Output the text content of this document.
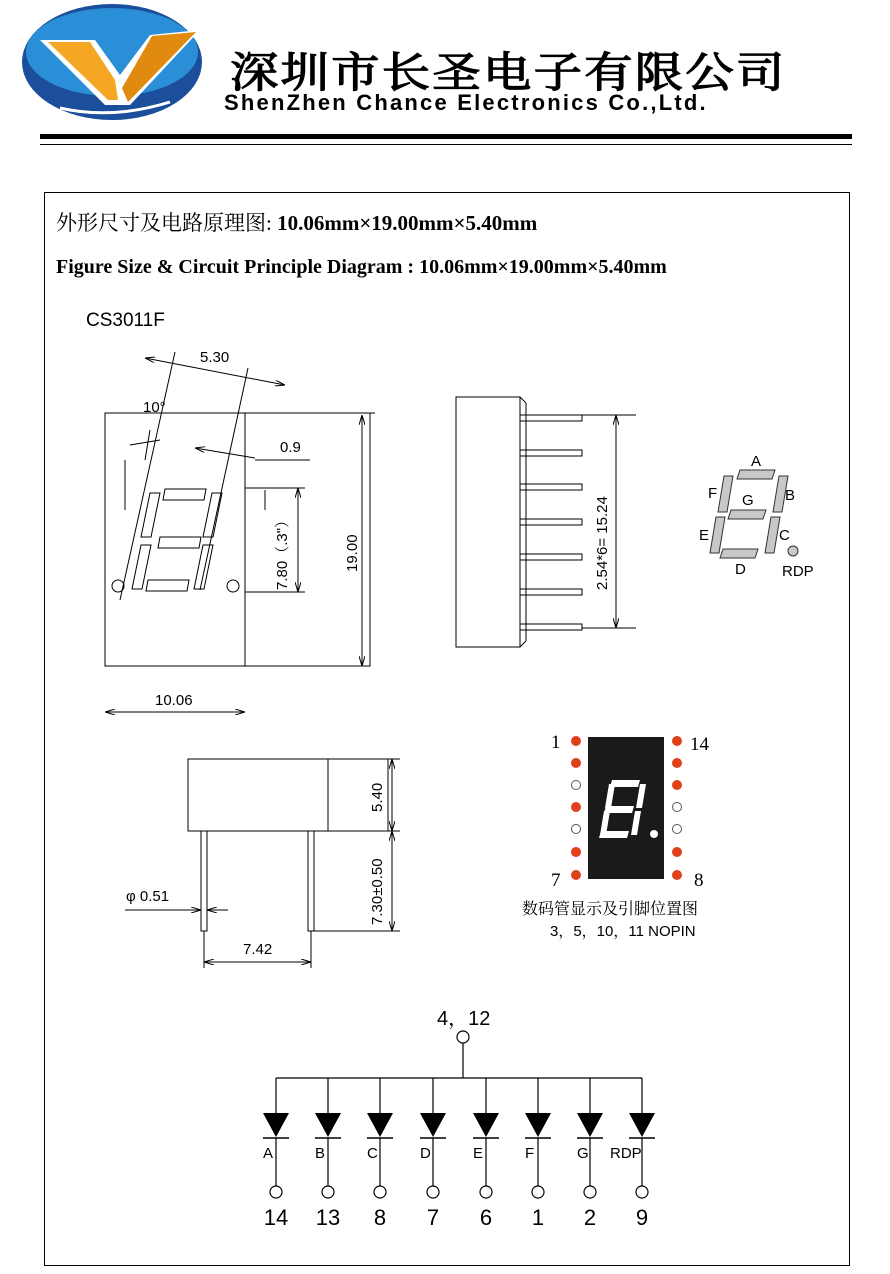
深圳市长圣电子有限公司
ShenZhen Chance Electronics Co.,Ltd.
外形尺寸及电路原理图: 10.06mm×19.00mm×5.40mm
Figure Size & Circuit Principle Diagram : 10.06mm×19.00mm×5.40mm
CS3011F
5.30
10°
0.9
7.80（.3"）	19.00
10.06
2.54*6= 15.24
A
B
C
D
E
F G
RDP
5.40
7.30±0.50
φ 0.51
7.42
1	14
7	8
数码管显示及引脚位置图
3，5，10，11 NOPIN
4，12
A
14
B
13
C
8
D
7
E
6
F
1
G
2
RDP
9
